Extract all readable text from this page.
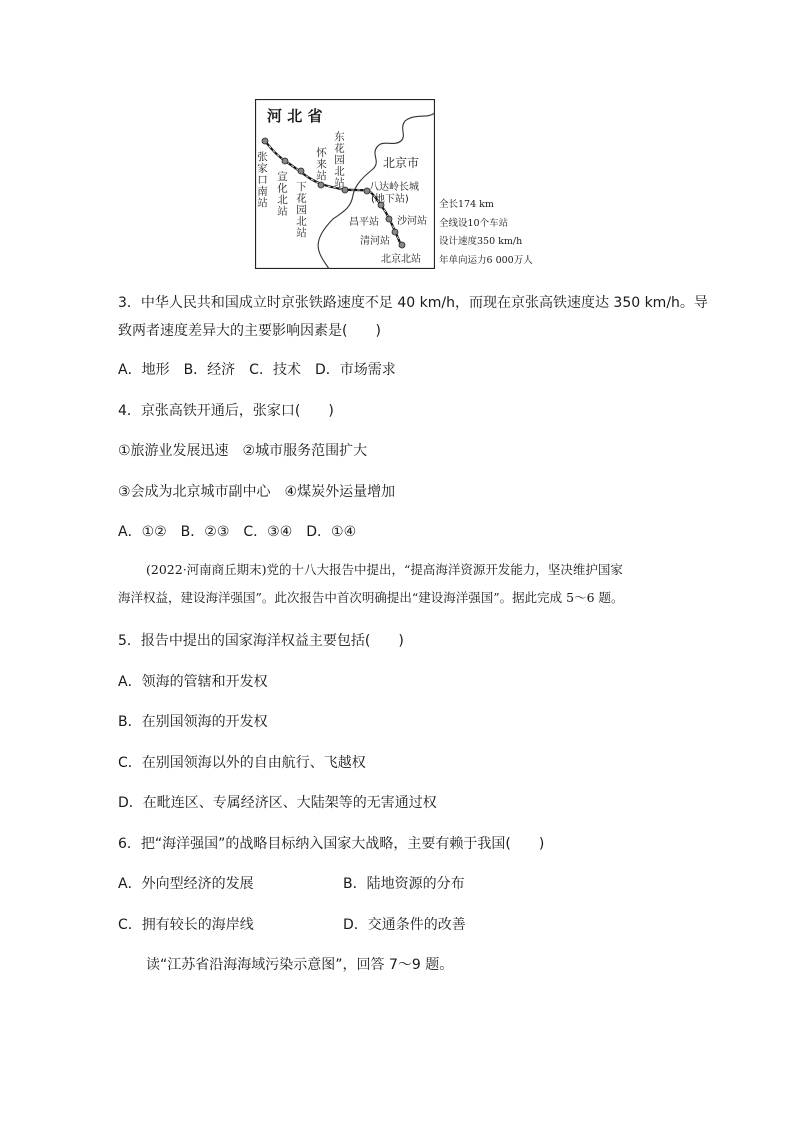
河 北 省
北京市
张家口南站 宣化北站 下花园北站
怀来站 东花园北站 八达岭长城
(地下站)
昌平站 沙河站
清河站
北京北站
全长174 km
全线设10个车站
设计速度350 km/h
年单向运力6 000万人
3．中华人民共和国成立时京张铁路速度不足 40 km/h，而现在京张高铁速度达 350 km/h。导
致两者速度差异大的主要影响因素是(　　)
A．地形　B．经济　C．技术　D．市场需求
4．京张高铁开通后，张家口(　　)
①旅游业发展迅速　②城市服务范围扩大
③会成为北京城市副中心　④煤炭外运量增加
A．①②　B．②③　C．③④　D．①④

(2022·河南商丘期末)党的十八大报告中提出，“提高海洋资源开发能力，坚决维护国家

海洋权益，建设海洋强国”。此次报告中首次明确提出“建设海洋强国”。据此完成 5～6 题。

5．报告中提出的国家海洋权益主要包括(　　)
A．领海的管辖和开发权
B．在别国领海的开发权
C．在别国领海以外的自由航行、飞越权
D．在毗连区、专属经济区、大陆架等的无害通过权
6．把“海洋强国”的战略目标纳入国家大战略，主要有赖于我国(　　)
A．外向型经济的发展	B．陆地资源的分布
C．拥有较长的海岸线	D．交通条件的改善
读“江苏省沿海海域污染示意图”，回答 7～9 题。
